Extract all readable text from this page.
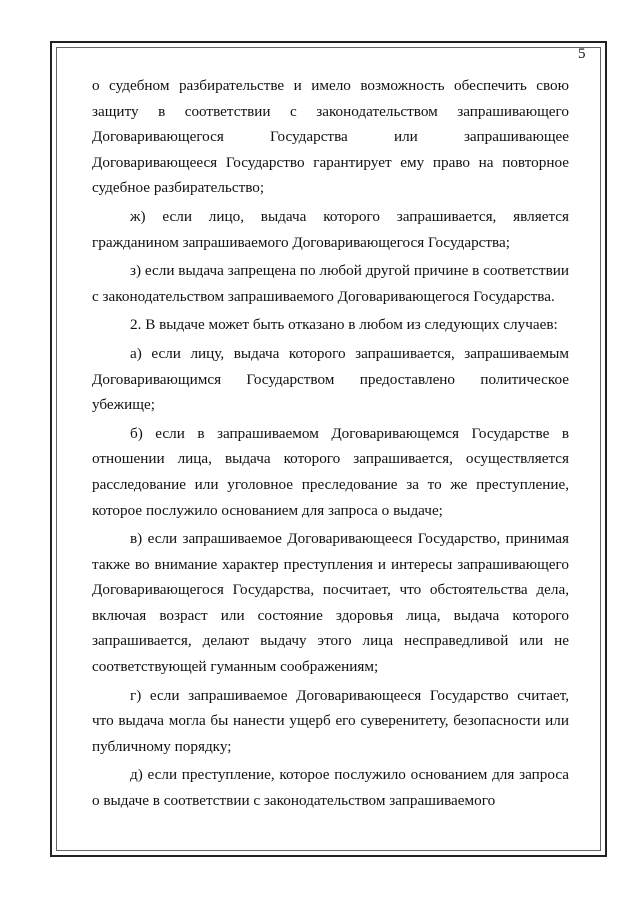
5

о судебном разбирательстве и имело возможность обеспечить свою защиту в соответствии с законодательством запрашивающего Договаривающегося Государства или запрашивающее Договаривающееся Государство гарантирует ему право на повторное судебное разбирательство;

ж) если лицо, выдача которого запрашивается, является гражданином запрашиваемого Договаривающегося Государства;

з) если выдача запрещена по любой другой причине в соответствии с законодательством запрашиваемого Договаривающегося Государства.

2. В выдаче может быть отказано в любом из следующих случаев:

а) если лицу, выдача которого запрашивается, запрашиваемым Договаривающимся Государством предоставлено политическое убежище;

б) если в запрашиваемом Договаривающемся Государстве в отношении лица, выдача которого запрашивается, осуществляется расследование или уголовное преследование за то же преступление, которое послужило основанием для запроса о выдаче;

в) если запрашиваемое Договаривающееся Государство, принимая также во внимание характер преступления и интересы запрашивающего Договаривающегося Государства, посчитает, что обстоятельства дела, включая возраст или состояние здоровья лица, выдача которого запрашивается, делают выдачу этого лица несправедливой или не соответствующей гуманным соображениям;

г) если запрашиваемое Договаривающееся Государство считает, что выдача могла бы нанести ущерб его суверенитету, безопасности или публичному порядку;

д) если преступление, которое послужило основанием для запроса о выдаче в соответствии с законодательством запрашиваемого
